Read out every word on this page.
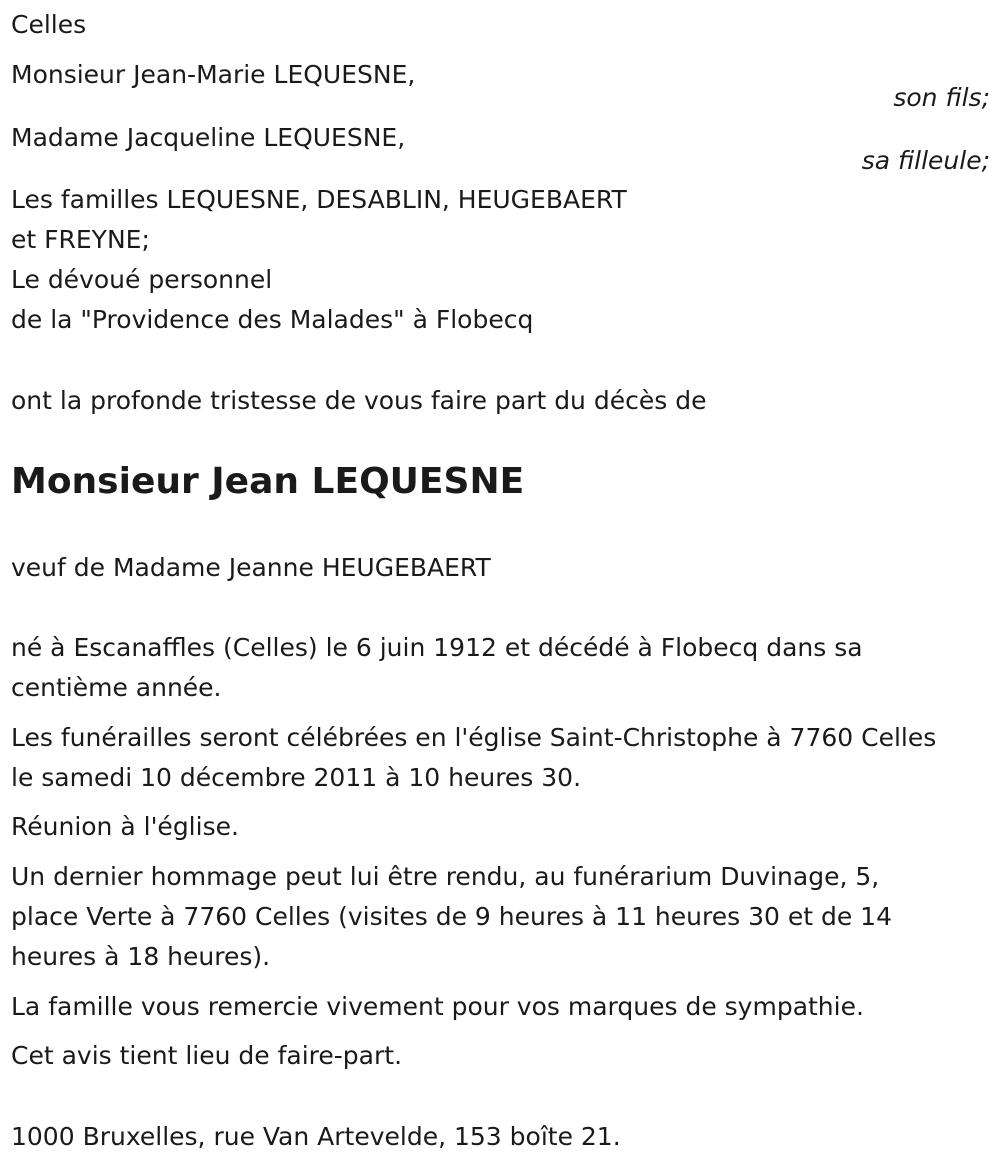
Celles
Monsieur Jean-Marie LEQUESNE,
son fils;
Madame Jacqueline LEQUESNE,
sa filleule;
Les familles LEQUESNE, DESABLIN, HEUGEBAERT
et FREYNE;
Le dévoué personnel
de la "Providence des Malades" à Flobecq
ont la profonde tristesse de vous faire part du décès de
Monsieur Jean LEQUESNE
veuf de Madame Jeanne HEUGEBAERT
né à Escanaffles (Celles) le 6 juin 1912 et décédé à Flobecq dans sa
centième année.
Les funérailles seront célébrées en l'église Saint-Christophe à 7760 Celles
le samedi 10 décembre 2011 à 10 heures 30.
Réunion à l'église.
Un dernier hommage peut lui être rendu, au funérarium Duvinage, 5,
place Verte à 7760 Celles (visites de 9 heures à 11 heures 30 et de 14
heures à 18 heures).
La famille vous remercie vivement pour vos marques de sympathie.
Cet avis tient lieu de faire-part.
1000 Bruxelles, rue Van Artevelde, 153 boîte 21.
